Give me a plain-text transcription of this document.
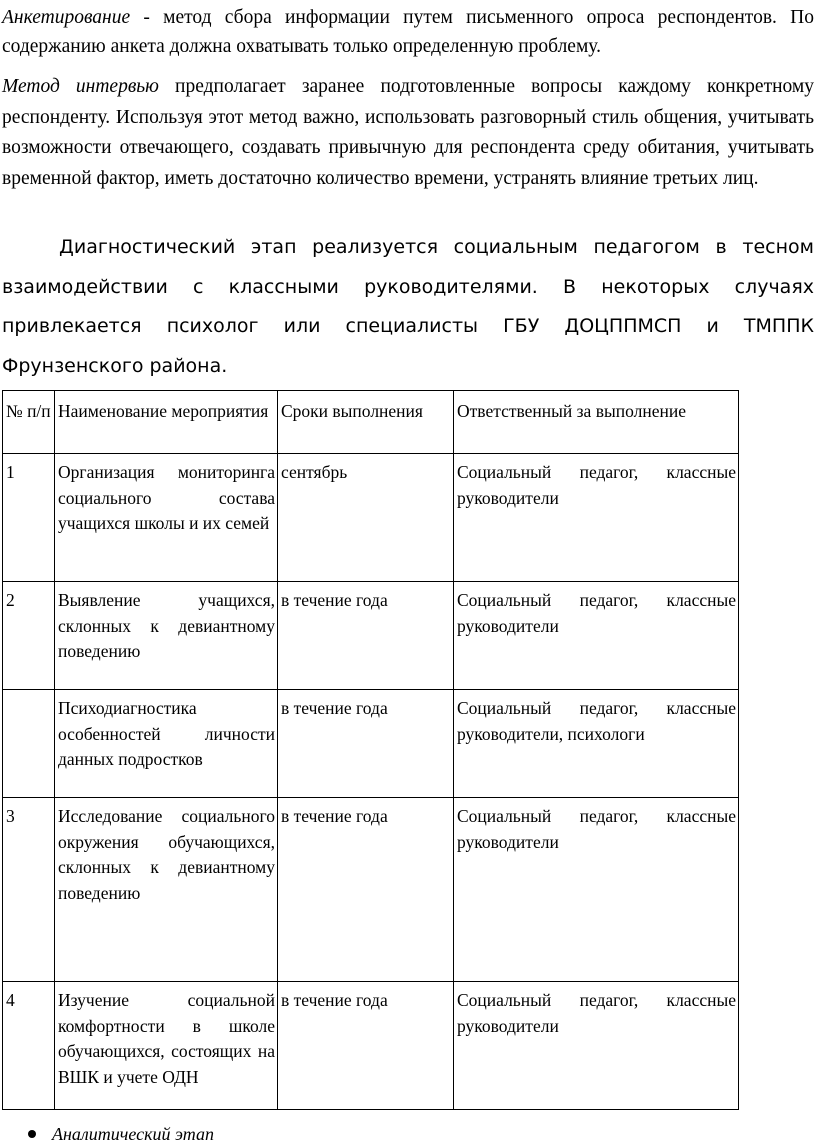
Анкетирование - метод сбора информации путем письменного опроса респондентов. По содержанию анкета должна охватывать только определенную проблему.
Метод интервью предполагает заранее подготовленные вопросы каждому конкретному респонденту. Используя этот метод важно, использовать разговорный стиль общения, учитывать возможности отвечающего, создавать привычную для респондента среду обитания, учитывать временной фактор, иметь достаточно количество времени, устранять влияние третьих лиц.
Диагностический этап реализуется социальным педагогом в тесном взаимодействии с классными руководителями. В некоторых случаях привлекается психолог или специалисты ГБУ ДОЦППМСП и ТМППК Фрунзенского района.
№ п/п	Наименование мероприятия	Сроки выполнения	Ответственный за выполнение

1	Организация мониторинга социального состава учащихся школы и их семей	сентябрь	Социальный педагог, классные руководители

2	Выявление учащихся, склонных к девиантному поведению	в течение года	Социальный педагог, классные руководители

	Психодиагностика особенностей личности данных подростков	в течение года	Социальный педагог, классные руководители, психологи

3	Исследование социального окружения обучающихся, склонных к девиантному поведению	в течение года	Социальный педагог, классные руководители

4	Изучение социальной комфортности в школе обучающихся, состоящих на ВШК и учете ОДН	в течение года	Социальный педагог, классные руководители
Аналитический этап
